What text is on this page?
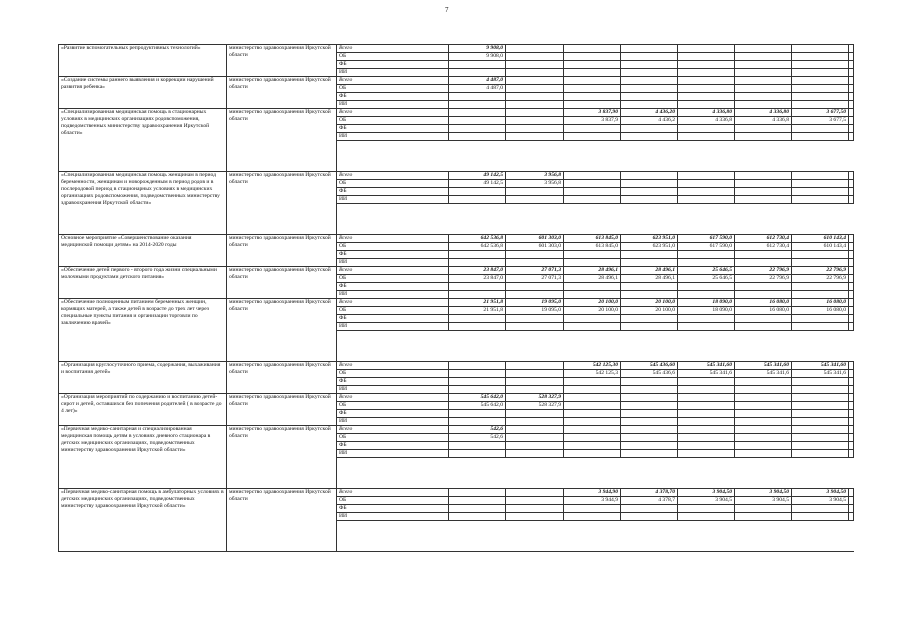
7
«Развитие вспомогательных репродуктивных технологий»	министерство здравоохранения Иркутской области	Всего	9 908,0							
		ОБ	9 908,0							
		ФБ								
		ИИ								
«Создание системы раннего выявления и коррекции нарушений развития ребенка»	министерство здравоохранения Иркутской области	Всего	4 487,0							
		ОБ	4 487,0							
		ФБ								
		ИИ								
«Специализированная медицинская помощь в стационарных условиях в медицинских организациях родовспоможения, подведомственных министерству здравоохранения Иркутской области»	министерство здравоохранения Иркутской области	Всего			3 837,90	4 436,20	4 336,80	4 336,80	3 677,50	
		ОБ			3 837,9	4 436,2	4 336,8	4 336,8	3 677,5	
		ФБ								
		ИИ								

«Специализированная медицинская помощь женщинам в период беременности, женщинам и новорожденным в период родов и в послеродовой период в стационарных условиях в медицинских организациях родовспоможения, подведомственных министерству здравоохранения Иркутской области»	министерство здравоохранения Иркутской области	Всего	49 142,5	3 956,8						
		ОБ	49 142,5	3 956,8						
		ФБ								
		ИИ								

Основное мероприятие «Совершенствование оказания медицинской помощи детям» на 2014-2020 годы	министерство здравоохранения Иркутской области	Всего	642 536,8	601 303,0	613 845,0	623 951,0	617 590,0	612 730,4	610 143,4	
		ОБ	642 536,8	601 303,0	613 845,0	623 951,0	617 590,0	612 730,4	610 143,4	
		ФБ								
		ИИ								
«Обеспечение детей первого - второго года жизни специальными молочными продуктами детского питания»	министерство здравоохранения Иркутской области	Всего	23 847,0	27 071,3	28 496,1	28 496,1	25 646,5	22 796,9	22 796,9	
		ОБ	23 847,0	27 071,3	28 496,1	28 496,1	25 646,5	22 796,9	22 796,9	
		ФБ								
		ИИ								
«Обеспечение полноценным питанием беременных женщин, кормящих матерей, а также детей в возрасте до трех лет через специальные пункты питания и организации торговли по заключению врачей»	министерство здравоохранения Иркутской области	Всего	21 951,8	19 095,0	20 100,0	20 100,0	18 090,0	16 080,0	16 080,0	
		ОБ	21 951,8	19 095,0	20 100,0	20 100,0	18 090,0	16 080,0	16 080,0	
		ФБ								
		ИИ								

«Организация круглосуточного приема, содержания, выхаживания и воспитания детей»	министерство здравоохранения Иркутской области	Всего			542 125,30	545 436,60	545 341,60	545 341,60	545 341,60	
		ОБ			542 125,3	545 436,6	545 341,6	545 341,6	545 341,6	
		ФБ								
		ИИ								
«Организация мероприятий по содержанию и воспитанию детей-сирот и детей, оставшихся без попечения родителей ( в возрасте до 4 лет)»	министерство здравоохранения Иркутской области	Всего	545 642,0	528 327,9						
		ОБ	545 642,0	528 327,9						
		ФБ								
		ИИ								
«Первичная медико-санитарная и специализированная медицинская помощь детям в условиях дневного стационара в детских медицинских организациях, подведомственных министерству здравоохранения Иркутской области»	министерство здравоохранения Иркутской области	Всего	542,6							
		ОБ	542,6							
		ФБ								
		ИИ								

«Первичная медико-санитарная помощь в амбулаторных условиях в детских медицинских организациях, подведомственных министерству здравоохранения Иркутской области»	министерство здравоохранения Иркутской области	Всего			3 944,90	4 378,70	3 904,50	3 904,50	3 904,50	
		ОБ			3 944,9	4 378,7	3 904,5	3 904,5	3 904,5	
		ФБ								
		ИИ								
